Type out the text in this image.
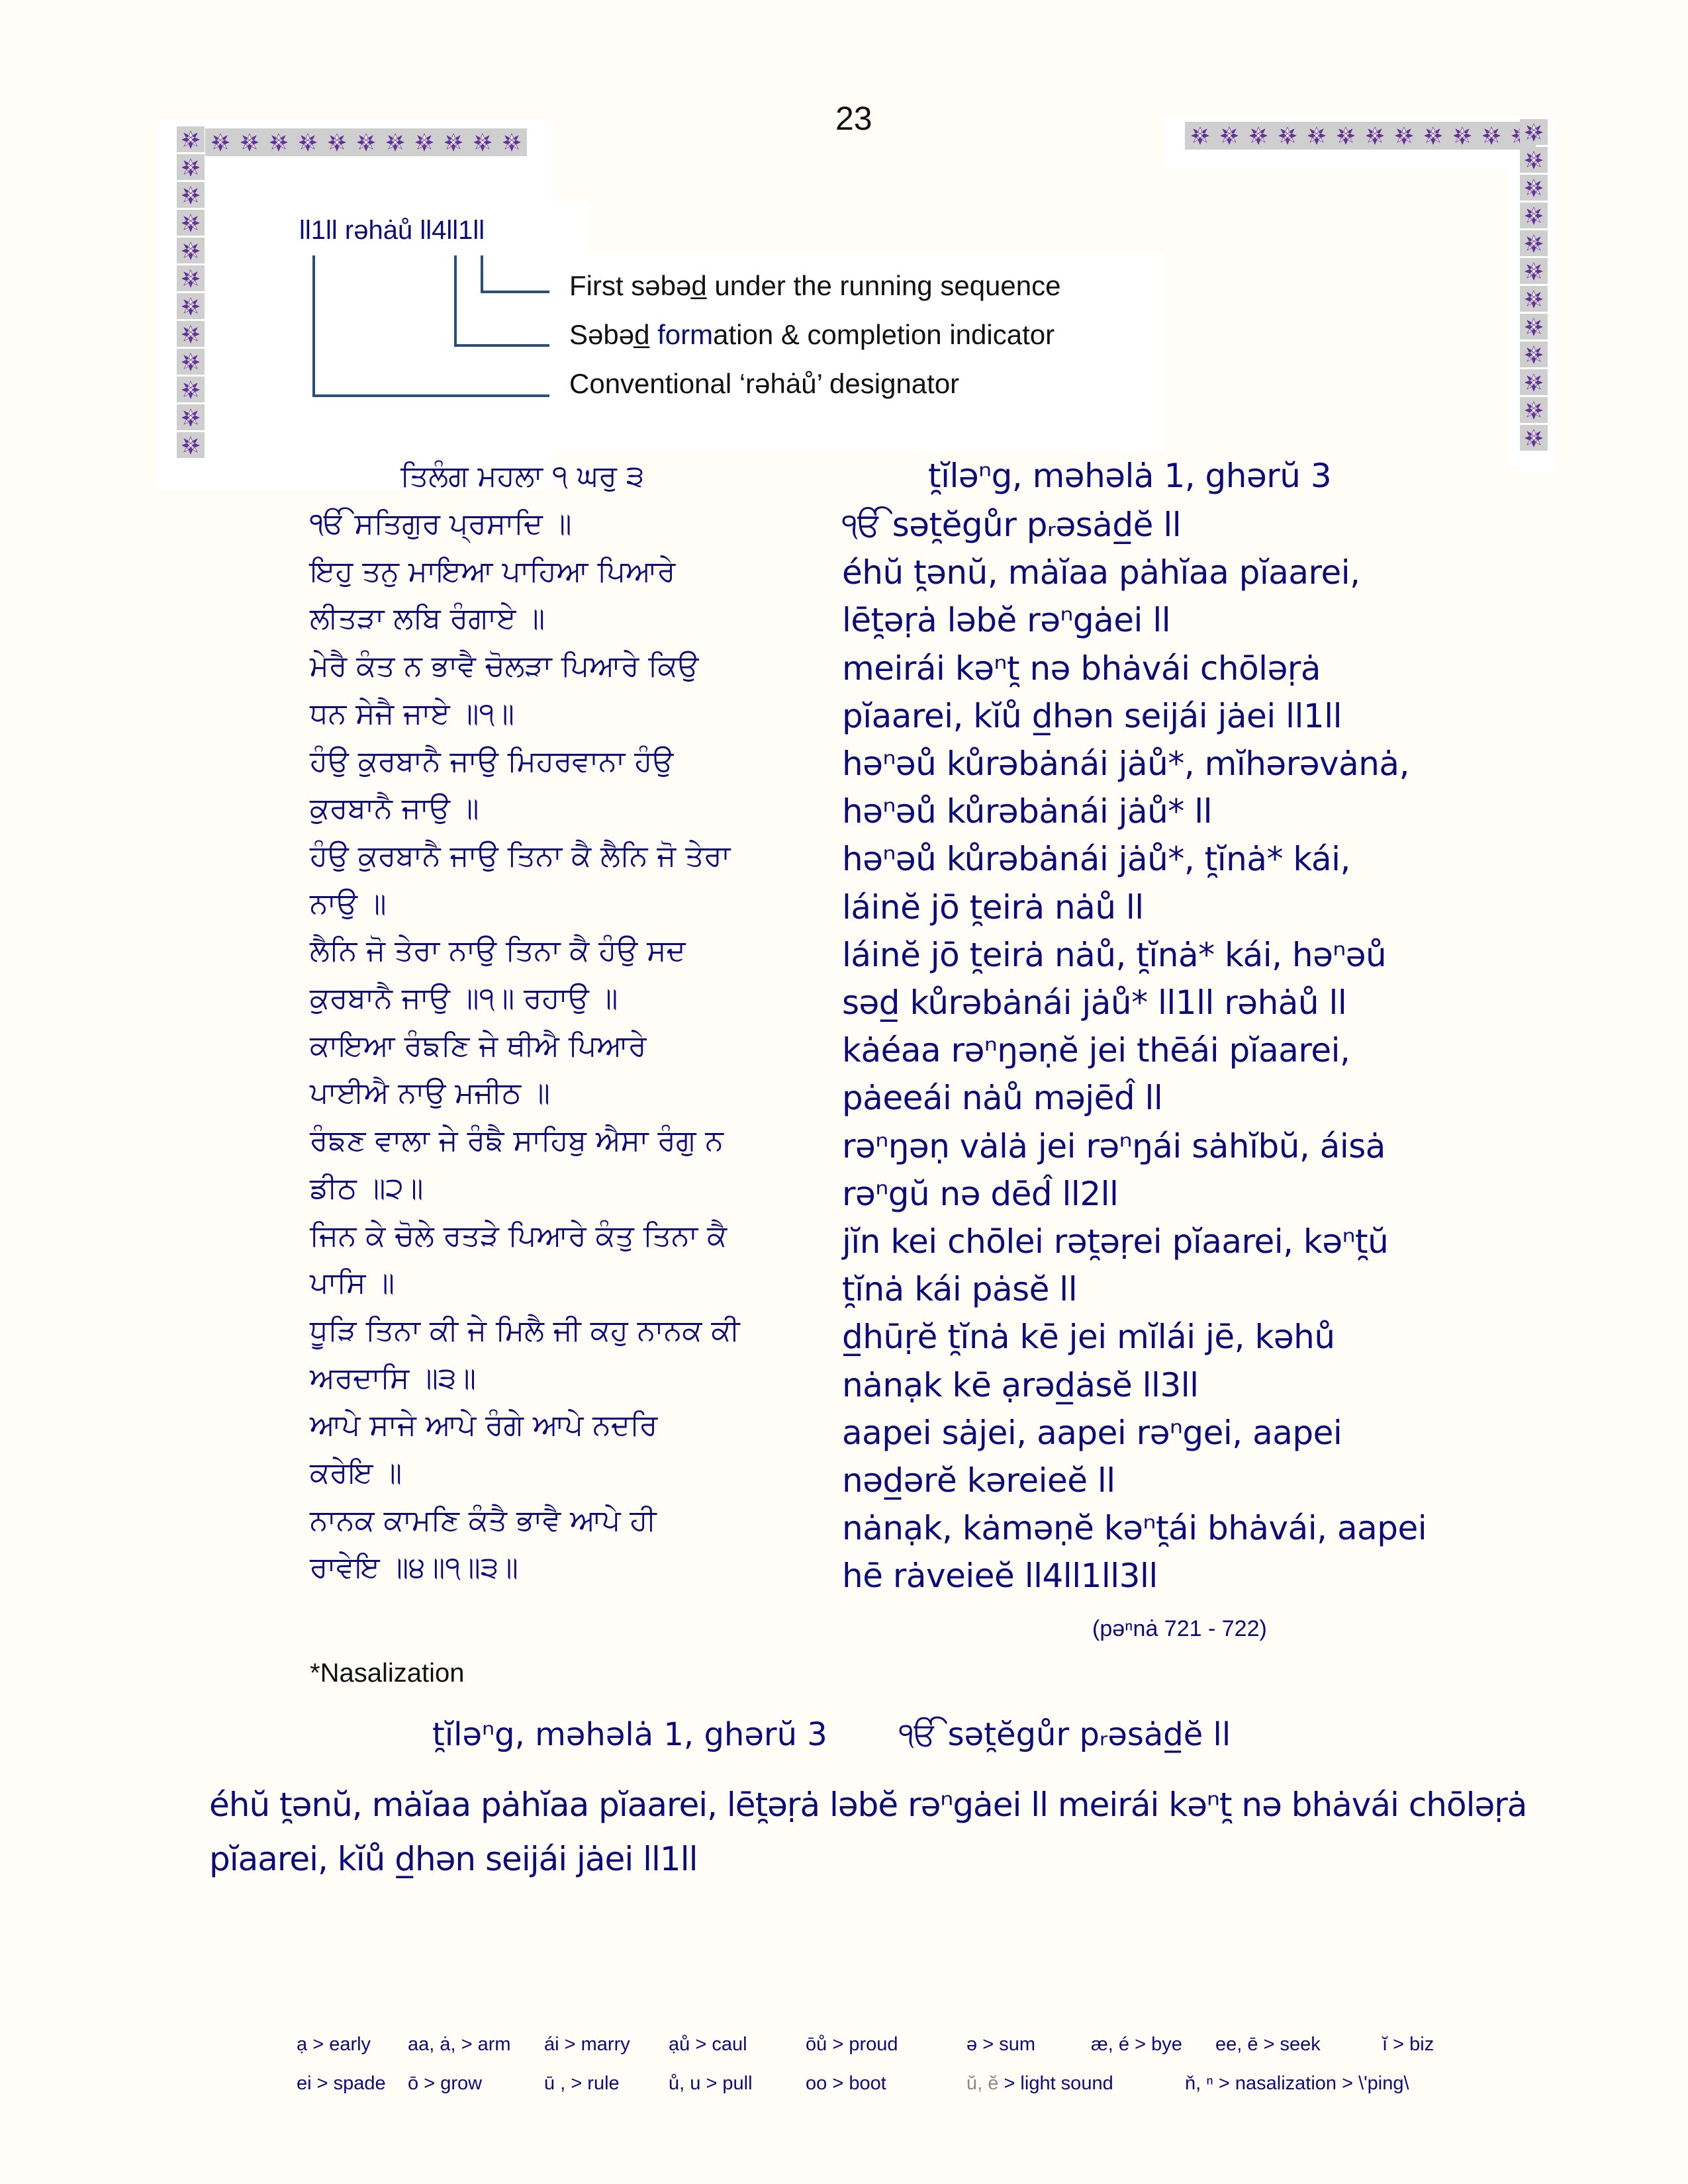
23
ll1ll rəhȧů ll4ll1ll
First səbəd̲ under the running sequence
Səbəd̲ formation & completion indicator
Conventional ‘rəhȧů’ designator
ਤਿਲੰਗ ਮਹਲਾ ੧ ਘਰੁ ੩
ੴ ਸਤਿਗੁਰ ਪ੍ਰਸਾਦਿ ॥
ਇਹੁ ਤਨੁ ਮਾਇਆ ਪਾਹਿਆ ਪਿਆਰੇ
ਲੀਤੜਾ ਲਬਿ ਰੰਗਾਏ ॥
ਮੇਰੈ ਕੰਤ ਨ ਭਾਵੈ ਚੋਲੜਾ ਪਿਆਰੇ ਕਿਉ
ਧਨ ਸੇਜੈ ਜਾਏ ॥੧॥
ਹੰਉ ਕੁਰਬਾਨੈ ਜਾਉ ਮਿਹਰਵਾਨਾ ਹੰਉ
ਕੁਰਬਾਨੈ ਜਾਉ ॥
ਹੰਉ ਕੁਰਬਾਨੈ ਜਾਉ ਤਿਨਾ ਕੈ ਲੈਨਿ ਜੋ ਤੇਰਾ
ਨਾਉ ॥
ਲੈਨਿ ਜੋ ਤੇਰਾ ਨਾਉ ਤਿਨਾ ਕੈ ਹੰਉ ਸਦ
ਕੁਰਬਾਨੈ ਜਾਉ ॥੧॥ ਰਹਾਉ ॥
ਕਾਇਆ ਰੰਙਣਿ ਜੇ ਥੀਐ ਪਿਆਰੇ
ਪਾਈਐ ਨਾਉ ਮਜੀਠ ॥
ਰੰਙਣ ਵਾਲਾ ਜੇ ਰੰਙੈ ਸਾਹਿਬੁ ਐਸਾ ਰੰਗੁ ਨ
ਡੀਠ ॥੨॥
ਜਿਨ ਕੇ ਚੋਲੇ ਰਤੜੇ ਪਿਆਰੇ ਕੰਤੁ ਤਿਨਾ ਕੈ
ਪਾਸਿ ॥
ਧੂੜਿ ਤਿਨਾ ਕੀ ਜੇ ਮਿਲੈ ਜੀ ਕਹੁ ਨਾਨਕ ਕੀ
ਅਰਦਾਸਿ ॥੩॥
ਆਪੇ ਸਾਜੇ ਆਪੇ ਰੰਗੇ ਆਪੇ ਨਦਰਿ
ਕਰੇਇ ॥
ਨਾਨਕ ਕਾਮਣਿ ਕੰਤੈ ਭਾਵੈ ਆਪੇ ਹੀ
ਰਾਵੇਇ ॥੪॥੧॥੩॥
t̯ĭləⁿg, məhəlȧ 1, ghərŭ 3
ੴ sət̯ĕgůr pᵣəsȧd̲ĕ ll
éhŭ t̯ənŭ, mȧĭaa pȧhĭaa pĭaarei,
lēt̯əṛȧ ləbĕ rəⁿgȧei ll
meirái kəⁿt̯ nə bhȧvái chōləṛȧ
pĭaarei, kĭů d̲hən seijái jȧei ll1ll
həⁿəů kůrəbȧnái jȧů*, mĭhərəvȧnȧ,
həⁿəů kůrəbȧnái jȧů* ll
həⁿəů kůrəbȧnái jȧů*, t̯ĭnȧ* kái,
láinĕ jō t̯eirȧ nȧů ll
láinĕ jō t̯eirȧ nȧů, t̯ĭnȧ* kái, həⁿəů
səd̲ kůrəbȧnái jȧů* ll1ll rəhȧů ll
kȧéaa rəⁿŋəṇĕ jei thēái pĭaarei,
pȧeeái nȧů məjēd̂ ll
rəⁿŋəṇ vȧlȧ jei rəⁿŋái sȧhĭbŭ, áisȧ
rəⁿgŭ nə dēd̂ ll2ll
jĭn kei chōlei rət̯əṛei pĭaarei, kəⁿt̯ŭ
t̯ĭnȧ kái pȧsĕ ll
d̲hūṛĕ t̯ĭnȧ kē jei mĭlái jē, kəhů
nȧnạk kē ạrəd̲ȧsĕ ll3ll
aapei sȧjei, aapei rəⁿgei, aapei
nəd̲ərĕ kəreieĕ ll
nȧnạk, kȧməṇĕ kəⁿt̯ái bhȧvái, aapei
hē rȧveieĕ ll4ll1ll3ll
(pəⁿnȧ 721 - 722)
*Nasalization
t̯ĭləⁿg, məhəlȧ 1, ghərŭ 3 ੴ sət̯ĕgůr pᵣəsȧd̲ĕ ll
éhŭ t̯ənŭ, mȧĭaa pȧhĭaa pĭaarei, lēt̯əṛȧ ləbĕ rəⁿgȧei ll meirái kəⁿt̯ nə bhȧvái chōləṛȧ
pĭaarei, kĭů d̲hən seijái jȧei ll1ll
ạ > early aa, ȧ, > arm ái > marry ạů > caul	ōů > proud	ə > sum	æ, é > bye ee, ē > seek	ĭ > biz
ei > spade ō > grow	ū , > rule	ů, u > pull	oo > boot	ŭ, ĕ > light sound	ň, ⁿ > nasalization > \'ping\
